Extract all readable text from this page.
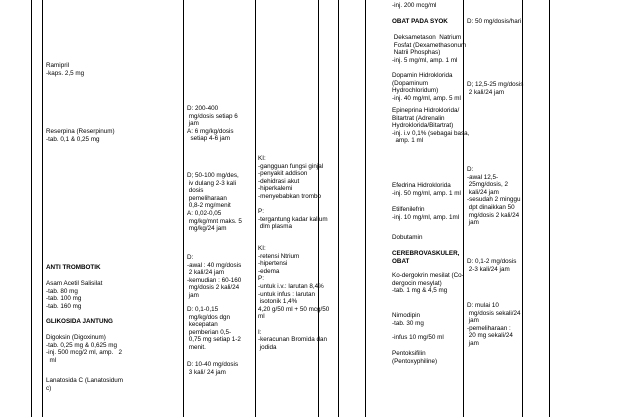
Ramipril
-kaps. 2,5 mg
Reserpina (Reserpinum)
-tab. 0,1 & 0,25 mg
ANTI TROMBOTIK
Asam Acetil Salisilat
-tab. 80 mg
-tab. 100 mg
-tab. 160 mg
GLIKOSIDA JANTUNG
Digoksin (Digoxinum)
-tab. 0,25 mg & 0,625 mg
-inj. 500 mcg/2 ml, amp.   2
ml
Lanatosida C (Lanatosidum
c)
D: 200-400
mg/dosis setiap 6
jam
A: 6 mg/kg/dosis
setiap 4-6 jam
D; 50-100 mg/des,
iv dulang 2-3 kali
dosis
pemeliharaan
0,8-2 mg/menit
A: 0,02-0,05
mg/kg/mnt maks. 5
mg/kg/24 jam
D:
-awal : 40 mg/dosis
2 kali/24 jam
-kemudian : 60-160
mg/dosis 2 kali/24
jam
D: 0,1-0,15
mg/kg/dos dgn
kecepatan
pemberian 0,5-
0,75 mg setiap 1-2
menit.
D: 10-40 mg/dosis
3 kali/ 24 jam
KI:
-gangguan fungsi ginjal
-penyakit addison
-dehidrasi akut
-hiperkalemi
-menyebabkan trombo

P:
-tergantung kadar kalium
dlm plasma
KI:
-retensi Ntrium
-hipertensi
-edema
P:
-untuk i.v.: larutan 8,4%
-untuk infus : larutan
isotonik 1,4%
4,20 g/50 ml + 50 mcg/50
ml

I:
-keracunan Bromida dan
jodida
-inj. 200 mcg/ml
OBAT PADA SYOK
Deksametason  Natrium
Fosfat (Dexamethasonum
Natrii Phosphas)
-inj. 5 mg/ml, amp. 1 ml
Dopamin Hidroklorida
(Dopaminum
Hydrochloridum)
-inj. 40 mg/ml, amp. 5 ml
Epineprina Hidroklorida/
Bitartrat (Adrenalin
Hydroklorida/Bitartrat)
-inj. i.v 0,1% (sebagai basa,
amp. 1 ml
Efedrina Hidroklorida
-inj. 50 mg/ml, amp. 1 ml
Etilfenilefrin
-inj. 10 mg/ml, amp. 1ml
Dobutamin
CEREBROVASKULER,
OBAT
Ko-dergokrin mesilat (Co-
dergocin mesylat)
-tab. 1 mg & 4,5 mg
Nimodipin
-tab. 30 mg
-infus 10 mg/50 ml
Pentoksifilin
(Pentoxyphiline)
D: 50 mg/dosis/hari
D; 12,5-25 mg/dosis
2 kali/24 jam
D:
-awal 12,5-
25mg/dosis, 2
kali/24 jam
-sesudah 2 minggu
dpt dinaikkan 50
mg/dosis 2 kali/24
jam
D: 0,1-2 mg/dosis
2-3 kali/24 jam
D: mulai 10
mg/dosis sekali/24
jam
-pemeliharaan :
20 mg sekali/24
jam
